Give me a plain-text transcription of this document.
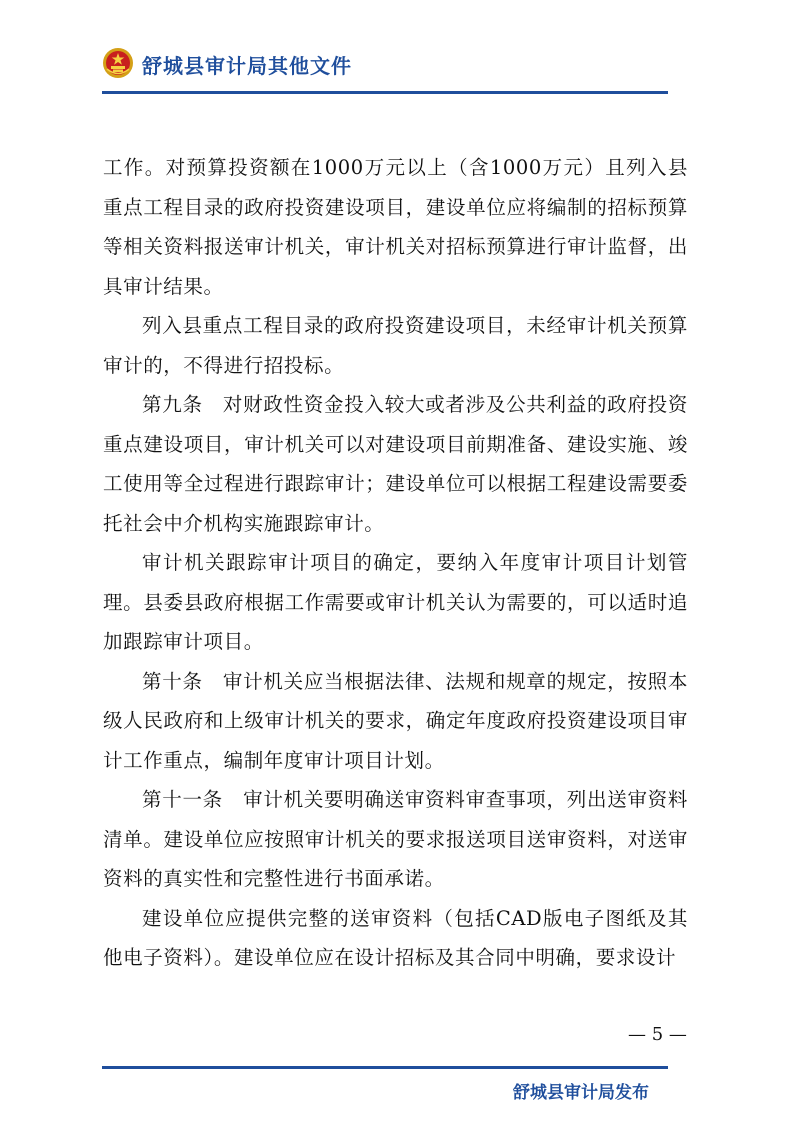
舒城县审计局其他文件

工作。对预算投资额在1000万元以上（含1000万元）且列入县重点工程目录的政府投资建设项目，建设单位应将编制的招标预算等相关资料报送审计机关，审计机关对招标预算进行审计监督，出具审计结果。

列入县重点工程目录的政府投资建设项目，未经审计机关预算审计的，不得进行招投标。

第九条　对财政性资金投入较大或者涉及公共利益的政府投资重点建设项目，审计机关可以对建设项目前期准备、建设实施、竣工使用等全过程进行跟踪审计；建设单位可以根据工程建设需要委托社会中介机构实施跟踪审计。

审计机关跟踪审计项目的确定，要纳入年度审计项目计划管理。县委县政府根据工作需要或审计机关认为需要的，可以适时追加跟踪审计项目。

第十条　审计机关应当根据法律、法规和规章的规定，按照本级人民政府和上级审计机关的要求，确定年度政府投资建设项目审计工作重点，编制年度审计项目计划。

第十一条　审计机关要明确送审资料审查事项，列出送审资料清单。建设单位应按照审计机关的要求报送项目送审资料，对送审资料的真实性和完整性进行书面承诺。

建设单位应提供完整的送审资料（包括CAD版电子图纸及其他电子资料）。建设单位应在设计招标及其合同中明确，要求设计

— 5 —
舒城县审计局发布
